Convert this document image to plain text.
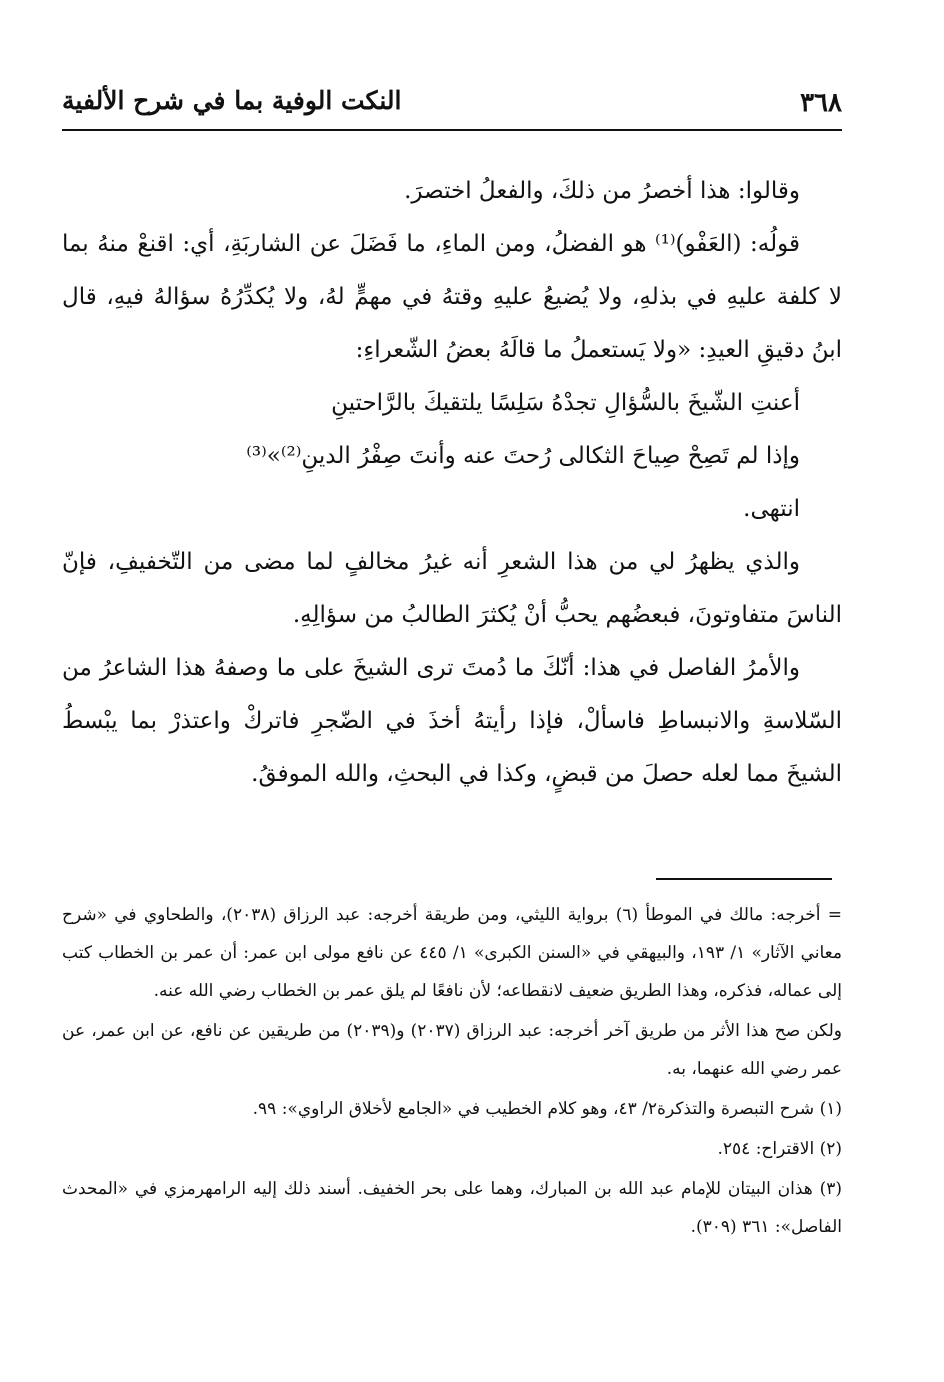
٣٦٨
النكت الوفية بما في شرح الألفية

وقالوا: هذا أخصرُ من ذلكَ، والفعلُ اختصرَ.

قولُه: (العَفْو)⁽¹⁾ هو الفضلُ، ومن الماءِ، ما فَضَلَ عن الشاربَةِ، أي: اقنعْ منهُ بما لا كلفة عليهِ في بذلهِ، ولا يُضيعُ عليهِ وقتهُ في مهمٍّ لهُ، ولا يُكدِّرُهُ سؤالهُ فيهِ، قال ابنُ دقيقِ العيدِ: «ولا يَستعملُ ما قالَهُ بعضُ الشّعراءِ:

أعنتِ الشّيخَ بالسُّؤالِ تجدْهُ سَلِسًا يلتقيكَ بالرَّاحتينِ
وإذا لم تَصِحْ صِياحَ الثكالى رُحتَ عنه وأنتَ صِفْرُ الدينِ⁽²⁾»⁽³⁾

انتهى.

والذي يظهرُ لي من هذا الشعرِ أنه غيرُ مخالفٍ لما مضى من التّخفيفِ، فإنّ الناسَ متفاوتونَ، فبعضُهم يحبُّ أنْ يُكثرَ الطالبُ من سؤالِهِ.

والأمرُ الفاصل في هذا: أنّكَ ما دُمتَ ترى الشيخَ على ما وصفهُ هذا الشاعرُ من السّلاسةِ والانبساطِ فاسألْ، فإذا رأيتهُ أخذَ في الضّجرِ فاتركْ واعتذرْ بما يبْسطُ الشيخَ مما لعله حصلَ من قبضٍ، وكذا في البحثِ، والله الموفقُ.

= أخرجه: مالك في الموطأ (٦) برواية الليثي، ومن طريقة أخرجه: عبد الرزاق (٢٠٣٨)، والطحاوي في «شرح معاني الآثار» ١/ ١٩٣، والبيهقي في «السنن الكبرى» ١/ ٤٤٥ عن نافع مولى ابن عمر: أن عمر بن الخطاب كتب إلى عماله، فذكره، وهذا الطريق ضعيف لانقطاعه؛ لأن نافعًا لم يلق عمر بن الخطاب رضي الله عنه.

ولكن صح هذا الأثر من طريق آخر أخرجه: عبد الرزاق (٢٠٣٧) و(٢٠٣٩) من طريقين عن نافع، عن ابن عمر، عن عمر رضي الله عنهما، به.

(١) شرح التبصرة والتذكرة٢/ ٤٣، وهو كلام الخطيب في «الجامع لأخلاق الراوي»: ٩٩.

(٢) الاقتراح: ٢٥٤.

(٣) هذان البيتان للإمام عبد الله بن المبارك، وهما على بحر الخفيف. أسند ذلك إليه الرامهرمزي في «المحدث الفاصل»: ٣٦١ (٣٠٩).
